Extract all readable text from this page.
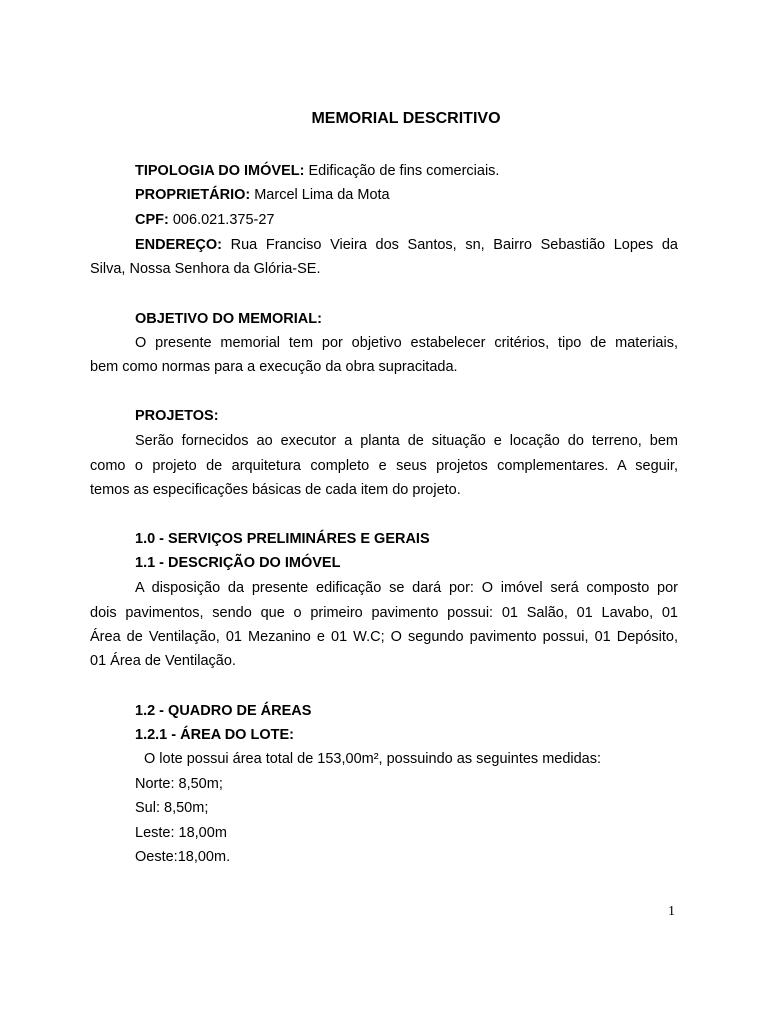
MEMORIAL DESCRITIVO
TIPOLOGIA DO IMÓVEL: Edificação de fins comerciais.
PROPRIETÁRIO: Marcel Lima da Mota
CPF: 006.021.375-27
ENDEREÇO: Rua Franciso Vieira dos Santos, sn, Bairro Sebastião Lopes da
Silva, Nossa Senhora da Glória-SE.
OBJETIVO DO MEMORIAL:
O presente memorial tem por objetivo estabelecer critérios, tipo de materiais,
bem como normas para a execução da obra supracitada.
PROJETOS:
Serão fornecidos ao executor a planta de situação e locação do terreno, bem
como o projeto de arquitetura completo e seus projetos complementares. A seguir,
temos as especificações básicas de cada item do projeto.
1.0 - SERVIÇOS PRELIMINÁRES E GERAIS
1.1 - DESCRIÇÃO DO IMÓVEL
A disposição da presente edificação se dará por: O imóvel será composto por
dois pavimentos, sendo que o primeiro pavimento possui: 01 Salão, 01 Lavabo, 01
Área de Ventilação, 01 Mezanino e 01 W.C; O segundo pavimento possui, 01 Depósito,
01 Área de Ventilação.
1.2 - QUADRO DE ÁREAS
1.2.1 - ÁREA DO LOTE:
O lote possui área total de 153,00m², possuindo as seguintes medidas:
Norte: 8,50m;
Sul: 8,50m;
Leste: 18,00m
Oeste:18,00m.
1
